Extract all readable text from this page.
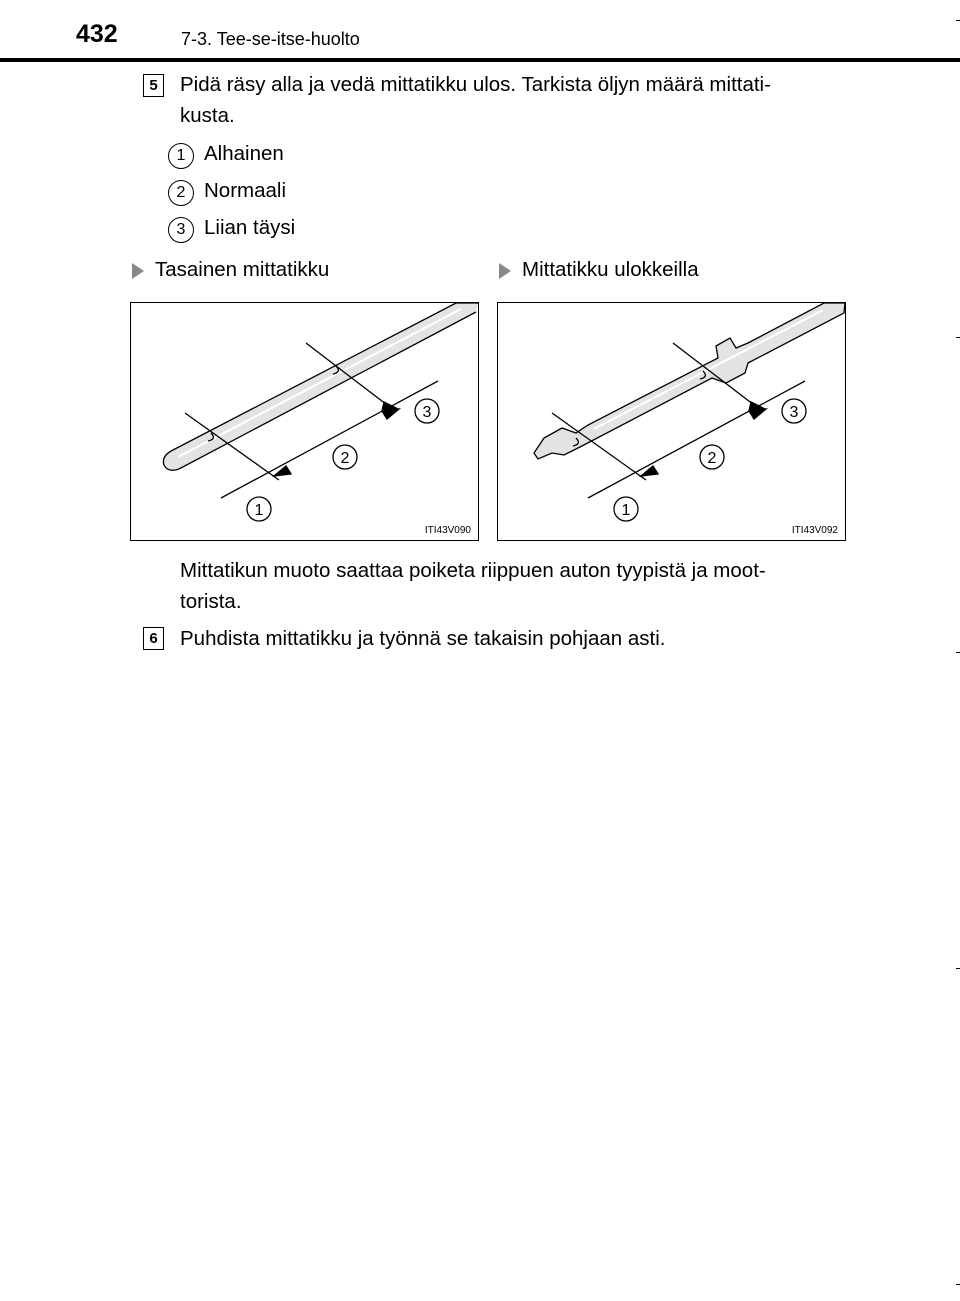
432	7-3. Tee-se-itse-huolto
5	Pidä räsy alla ja vedä mittatikku ulos. Tarkista öljyn määrä mittati-
kusta.
1 Alhainen
2 Normaali
3 Liian täysi
Tasainen mittatikku	Mittatikku ulokkeilla
3
2
1
ITI43V090
3
2
1
ITI43V092
Mittatikun muoto saattaa poiketa riippuen auton tyypistä ja moot-
torista.
6	Puhdista mittatikku ja työnnä se takaisin pohjaan asti.
